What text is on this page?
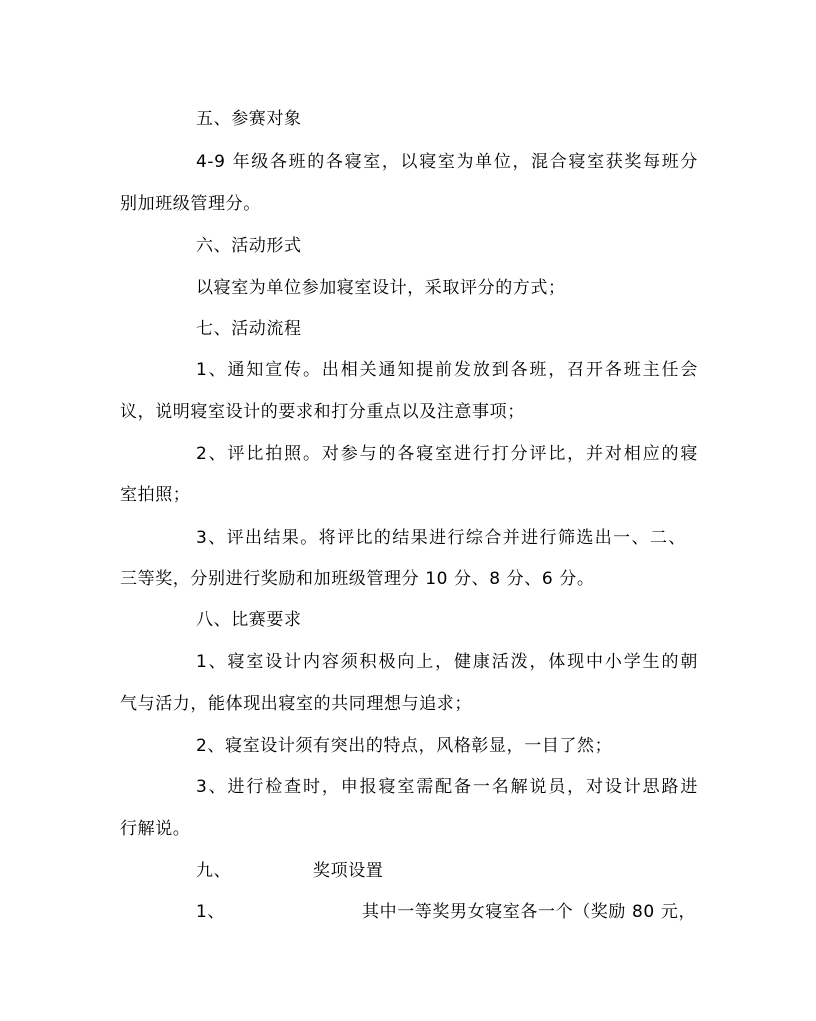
五、参赛对象
4-9 年级各班的各寝室，以寝室为单位，混合寝室获奖每班分
别加班级管理分。
六、活动形式
以寝室为单位参加寝室设计，采取评分的方式；
七、活动流程
1、通知宣传。出相关通知提前发放到各班，召开各班主任会
议，说明寝室设计的要求和打分重点以及注意事项；
2、评比拍照。对参与的各寝室进行打分评比，并对相应的寝
室拍照；
3、评出结果。将评比的结果进行综合并进行筛选出一、二、
三等奖，分别进行奖励和加班级管理分 10 分、8 分、6 分。
八、比赛要求
1、寝室设计内容须积极向上，健康活泼，体现中小学生的朝
气与活力，能体现出寝室的共同理想与追求；
2、寝室设计须有突出的特点，风格彰显，一目了然；
3、进行检查时，申报寝室需配备一名解说员，对设计思路进
行解说。
九、	奖项设置
1、	其中一等奖男女寝室各一个（奖励 80 元，
